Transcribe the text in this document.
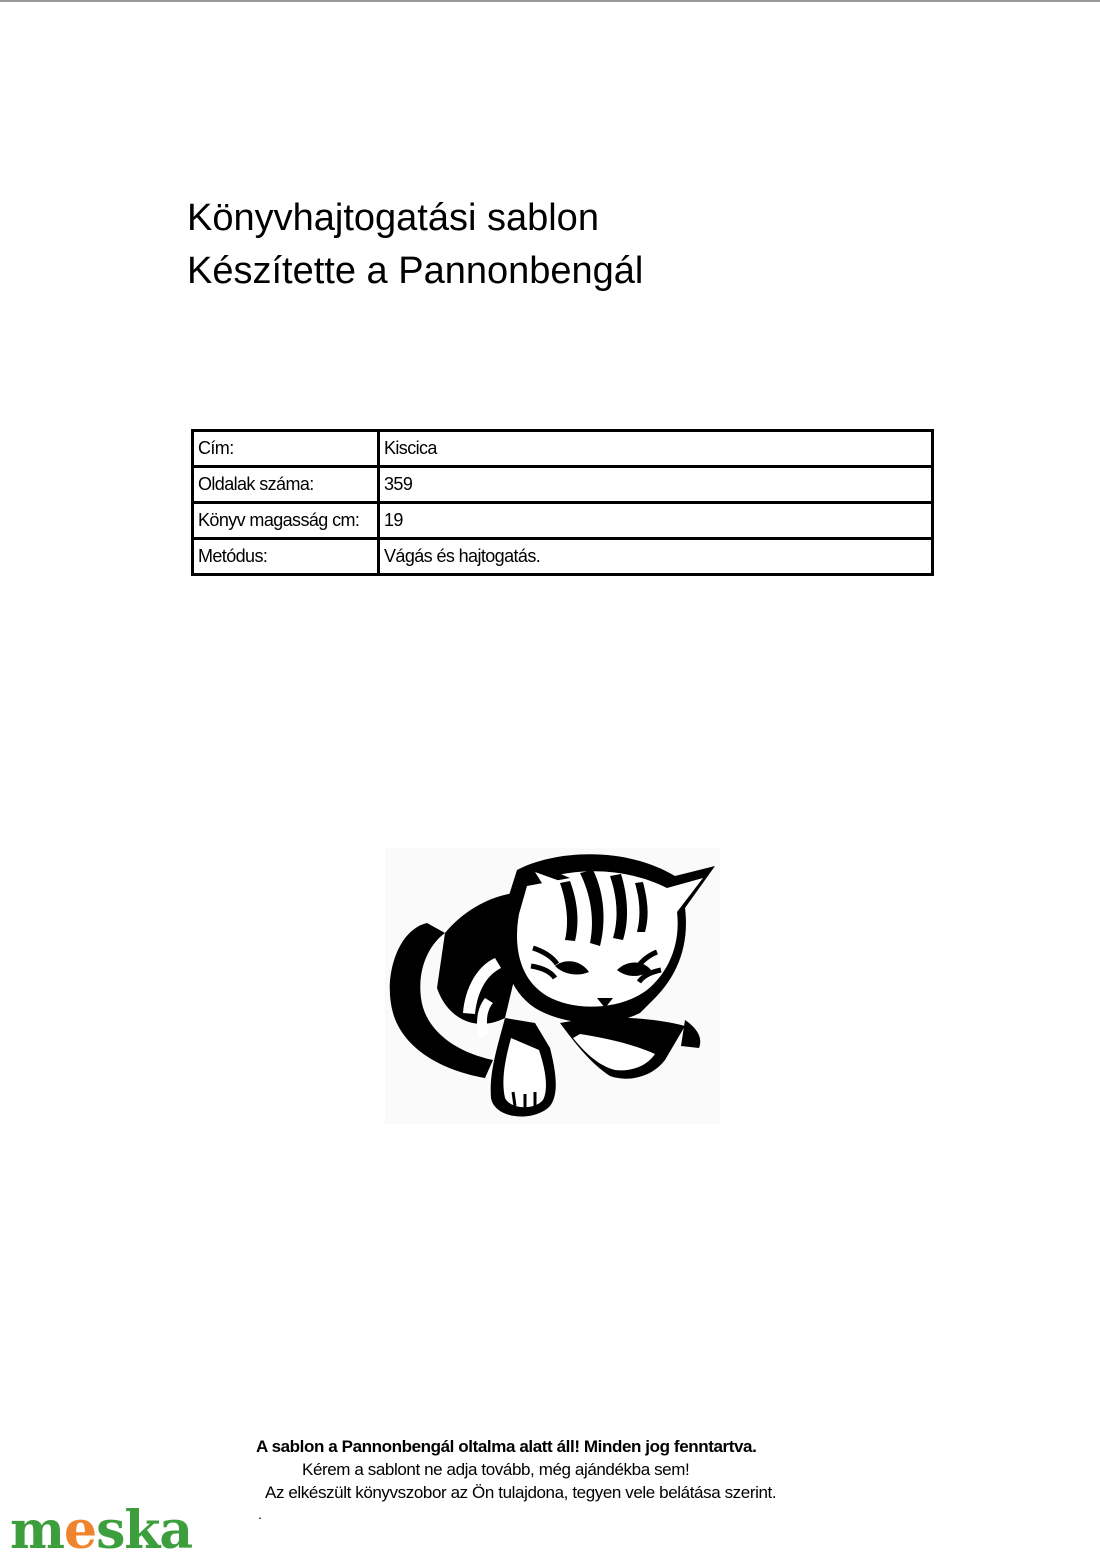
Könyvhajtogatási sablon
Készítette a Pannonbengál
Cím:	Kiscica
Oldalak száma:	359
Könyv magasság cm:	19
Metódus:	Vágás és hajtogatás.
A sablon a Pannonbengál oltalma alatt áll! Minden jog fenntartva.
Kérem a sablont ne adja tovább, még ajándékba sem!
Az elkészült könyvszobor az Ön tulajdona, tegyen vele belátása szerint.
.
meska
